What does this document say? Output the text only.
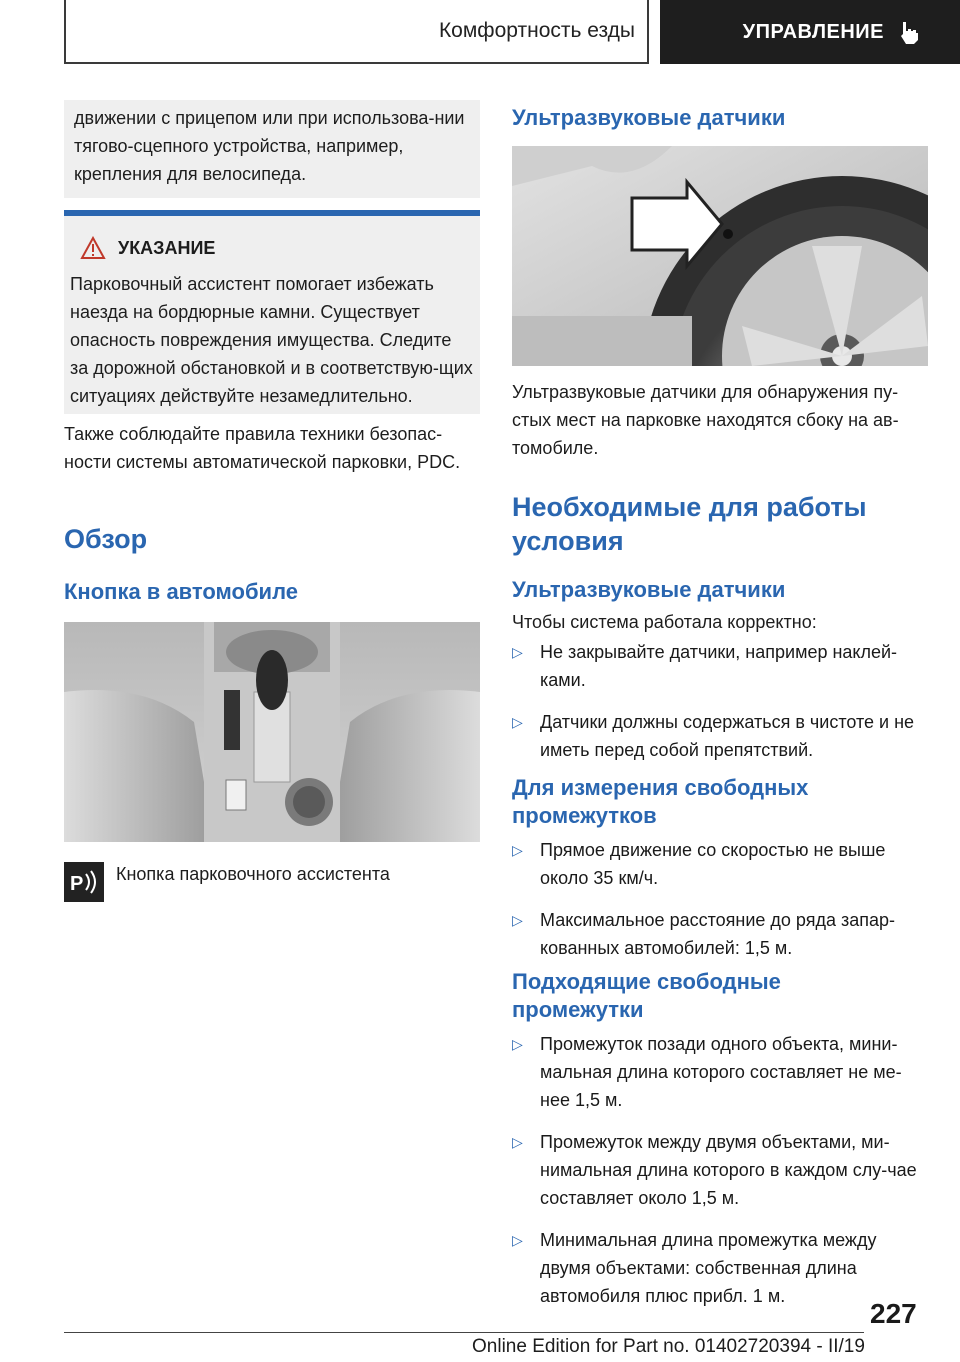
Комфортность езды	УПРАВЛЕНИЕ
движении с прицепом или при использова-нии тягово-сцепного устройства, например, крепления для велосипеда.
УКАЗАНИЕ
Парковочный ассистент помогает избежать наезда на бордюрные камни. Существует опасность повреждения имущества. Следите за дорожной обстановкой и в соответствую-щих ситуациях действуйте незамедлительно.
Также соблюдайте правила техники безопас-ности системы автоматической парковки, PDC.
Обзор
Кнопка в автомобиле
P Кнопка парковочного ассистента
Ультразвуковые датчики
Ультразвуковые датчики для обнаружения пу-стых мест на парковке находятся сбоку на ав-томобиле.
Необходимые для работы условия
Ультразвуковые датчики
Чтобы система работала корректно:
▷ Не закрывайте датчики, например наклей-ками.
▷ Датчики должны содержаться в чистоте и не иметь перед собой препятствий.
Для измерения свободных промежутков
▷ Прямое движение со скоростью не выше около 35 км/ч.
▷ Максимальное расстояние до ряда запар-кованных автомобилей: 1,5 м.
Подходящие свободные промежутки
▷ Промежуток позади одного объекта, мини-мальная длина которого составляет не ме-нее 1,5 м.
▷ Промежуток между двумя объектами, ми-нимальная длина которого в каждом слу-чае составляет около 1,5 м.
▷ Минимальная длина промежутка между двумя объектами: собственная длина автомобиля плюс прибл. 1 м.
227
Online Edition for Part no. 01402720394 - II/19
